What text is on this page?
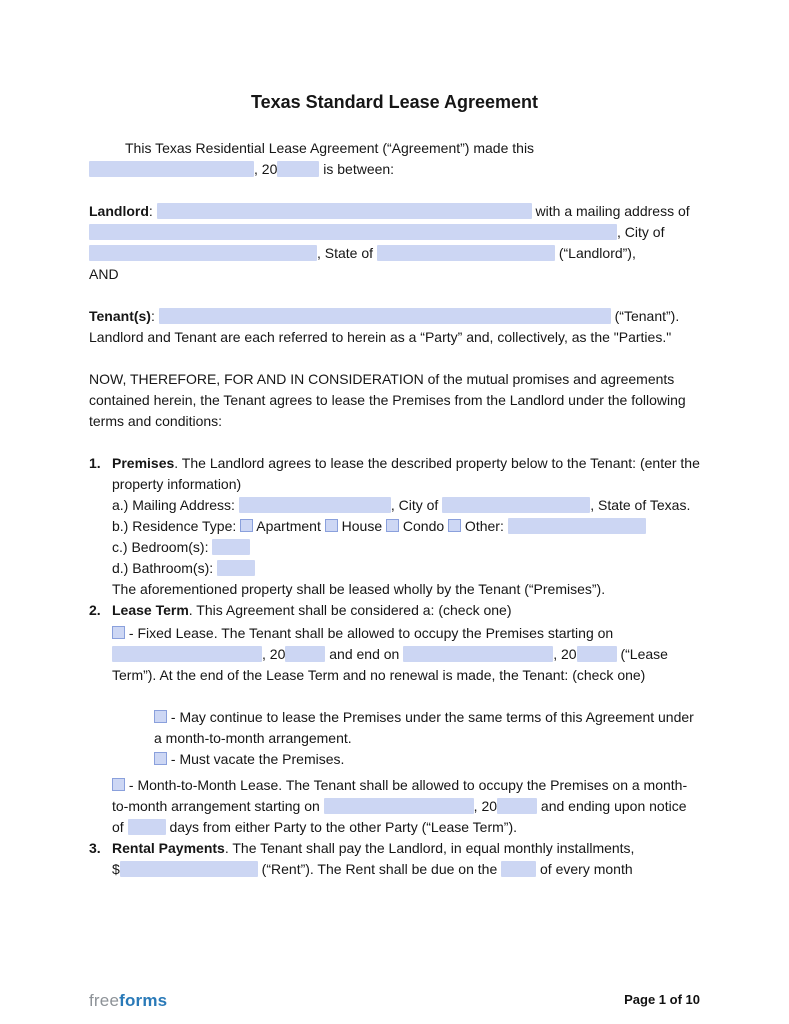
Texas Standard Lease Agreement
This Texas Residential Lease Agreement (“Agreement”) made this , 20	is between:
Landlord:	with a mailing address of , City of , State of	(“Landlord”),
AND
Tenant(s):	(“Tenant”). Landlord and Tenant are each referred to herein as a “Party” and, collectively, as the "Parties."
NOW, THEREFORE, FOR AND IN CONSIDERATION of the mutual promises and agreements contained herein, the Tenant agrees to lease the Premises from the Landlord under the following terms and conditions:
1. Premises. The Landlord agrees to lease the described property below to the Tenant: (enter the property information)
a.) Mailing Address:	, City of	, State of Texas.
b.) Residence Type:  Apartment  House  Condo  Other:
c.) Bedroom(s):
d.) Bathroom(s):
The aforementioned property shall be leased wholly by the Tenant (“Premises”).
2. Lease Term. This Agreement shall be considered a: (check one)
- Fixed Lease. The Tenant shall be allowed to occupy the Premises starting on , 20	and end on	, 20	(“Lease Term”). At the end of the Lease Term and no renewal is made, the Tenant: (check one)
- May continue to lease the Premises under the same terms of this Agreement under a month-to-month arrangement.
- Must vacate the Premises.
- Month-to-Month Lease. The Tenant shall be allowed to occupy the Premises on a month-to-month arrangement starting on	, 20	and ending upon notice of	days from either Party to the other Party (“Lease Term”).
3. Rental Payments. The Tenant shall pay the Landlord, in equal monthly installments, $	(“Rent”). The Rent shall be due on the	of every month
freeforms	Page 1 of 10
